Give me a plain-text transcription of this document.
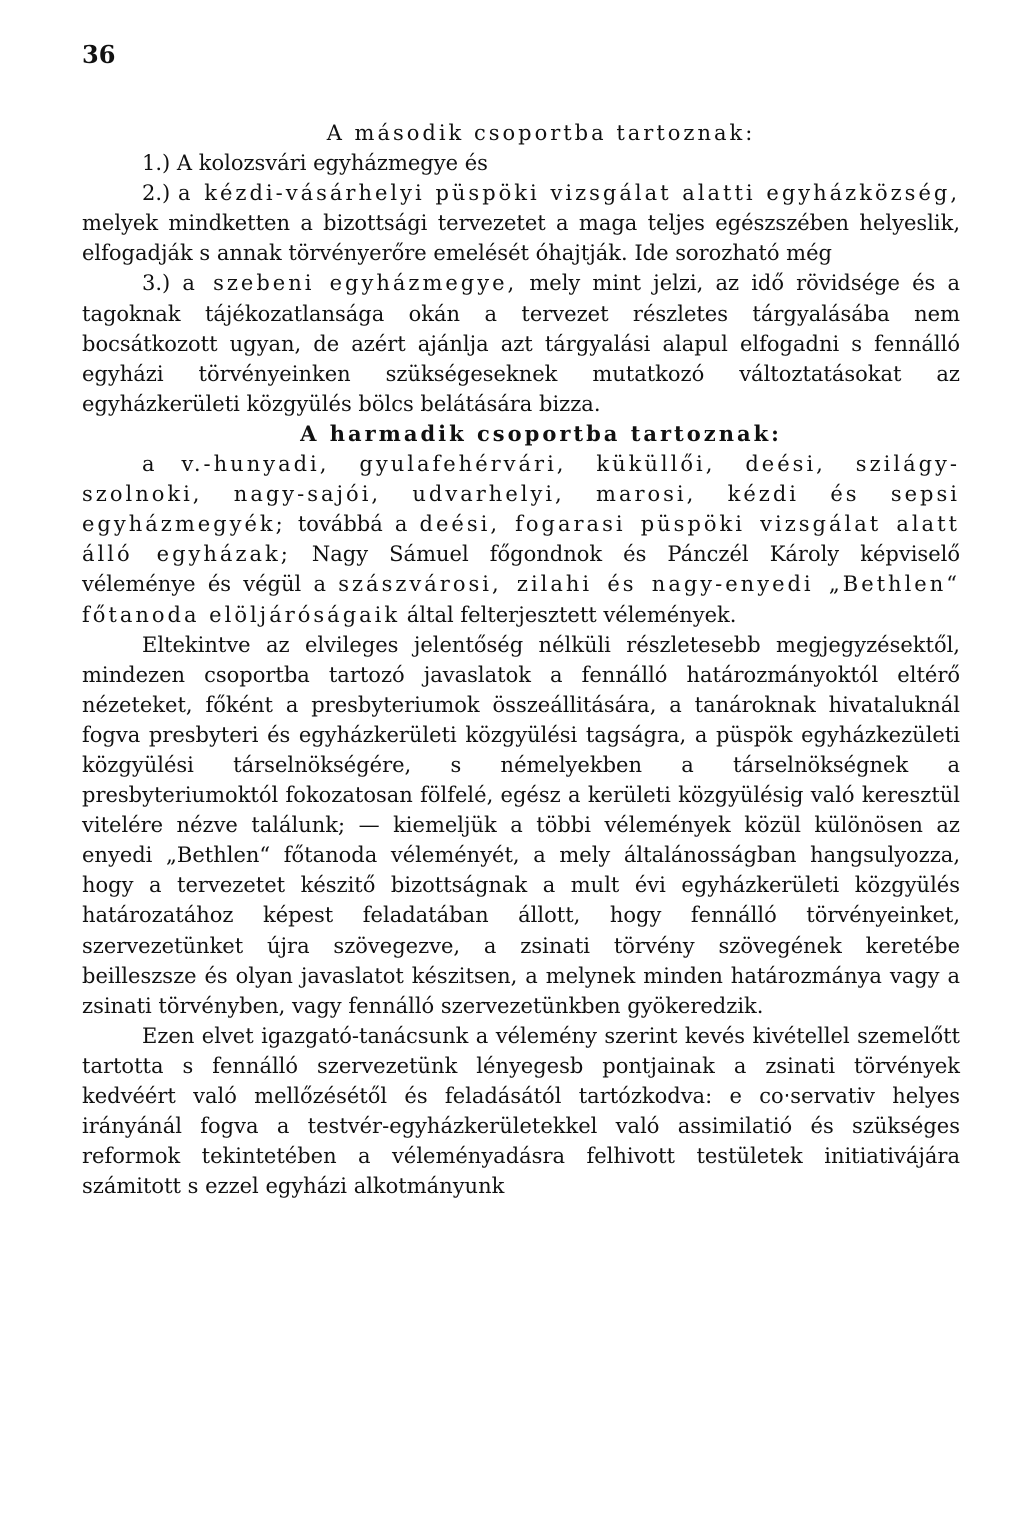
36

A második csoportba tartoznak:

1.) A kolozsvári egyházmegye és

2.) a kézdi-vásárhelyi püspöki vizsgálat alatti egyházközség, melyek mindketten a bizottsági tervezetet a maga teljes egészszében helyeslik, elfogadják s annak törvényerőre emelését óhajtják. Ide sorozható még

3.) a szebeni egyházmegye, mely mint jelzi, az idő rövidsége és a tagoknak tájékozatlansága okán a tervezet részletes tárgyalásába nem bocsátkozott ugyan, de azért ajánlja azt tárgyalási alapul elfogadni s fennálló egyházi törvényeinken szükségeseknek mutatkozó változtatásokat az egyházkerületi közgyülés bölcs belátására bizza.

A harmadik csoportba tartoznak:

a v.-hunyadi, gyulafehérvári, küküllői, deési, szilágy-szolnoki, nagy-sajói, udvarhelyi, marosi, kézdi és sepsi egyházmegyék; továbbá a deési, fogarasi püspöki vizsgálat alatt álló egyházak; Nagy Sámuel főgondnok és Pánczél Károly képviselő véleménye és végül a szászvárosi, zilahi és nagy-enyedi „Bethlen“ főtanoda elöljáróságaik által felterjesztett vélemények.

Eltekintve az elvileges jelentőség nélküli részletesebb megjegyzésektől, mindezen csoportba tartozó javaslatok a fennálló határozmányoktól eltérő nézeteket, főként a presbyteriumok összeállitására, a tanároknak hivataluknál fogva presbyteri és egyházkerületi közgyülési tagságra, a püspök egyházkezületi közgyülési társelnökségére, s némelyekben a társelnökségnek a presbyteriumoktól fokozatosan fölfelé, egész a kerületi közgyülésig való keresztül vitelére nézve találunk; — kiemeljük a többi vélemények közül különösen az enyedi „Bethlen“ főtanoda véleményét, a mely általánosságban hangsulyozza, hogy a tervezetet készitő bizottságnak a mult évi egyházkerületi közgyülés határozatához képest feladatában állott, hogy fennálló törvényeinket, szervezetünket újra szövegezve, a zsinati törvény szövegének keretébe beilleszsze és olyan javaslatot készitsen, a melynek minden határozmánya vagy a zsinati törvényben, vagy fennálló szervezetünkben gyökeredzik.

Ezen elvet igazgató-tanácsunk a vélemény szerint kevés kivétellel szemelőtt tartotta s fennálló szervezetünk lényegesb pontjainak a zsinati törvények kedvéért való mellőzésétől és feladásától tartózkodva: e co‧servativ helyes irányánál fogva a testvér-egyházkerületekkel való assimilatió és szükséges reformok tekintetében a véleményadásra felhivott testületek initiativájára számitott s ezzel egyházi alkotmányunk
